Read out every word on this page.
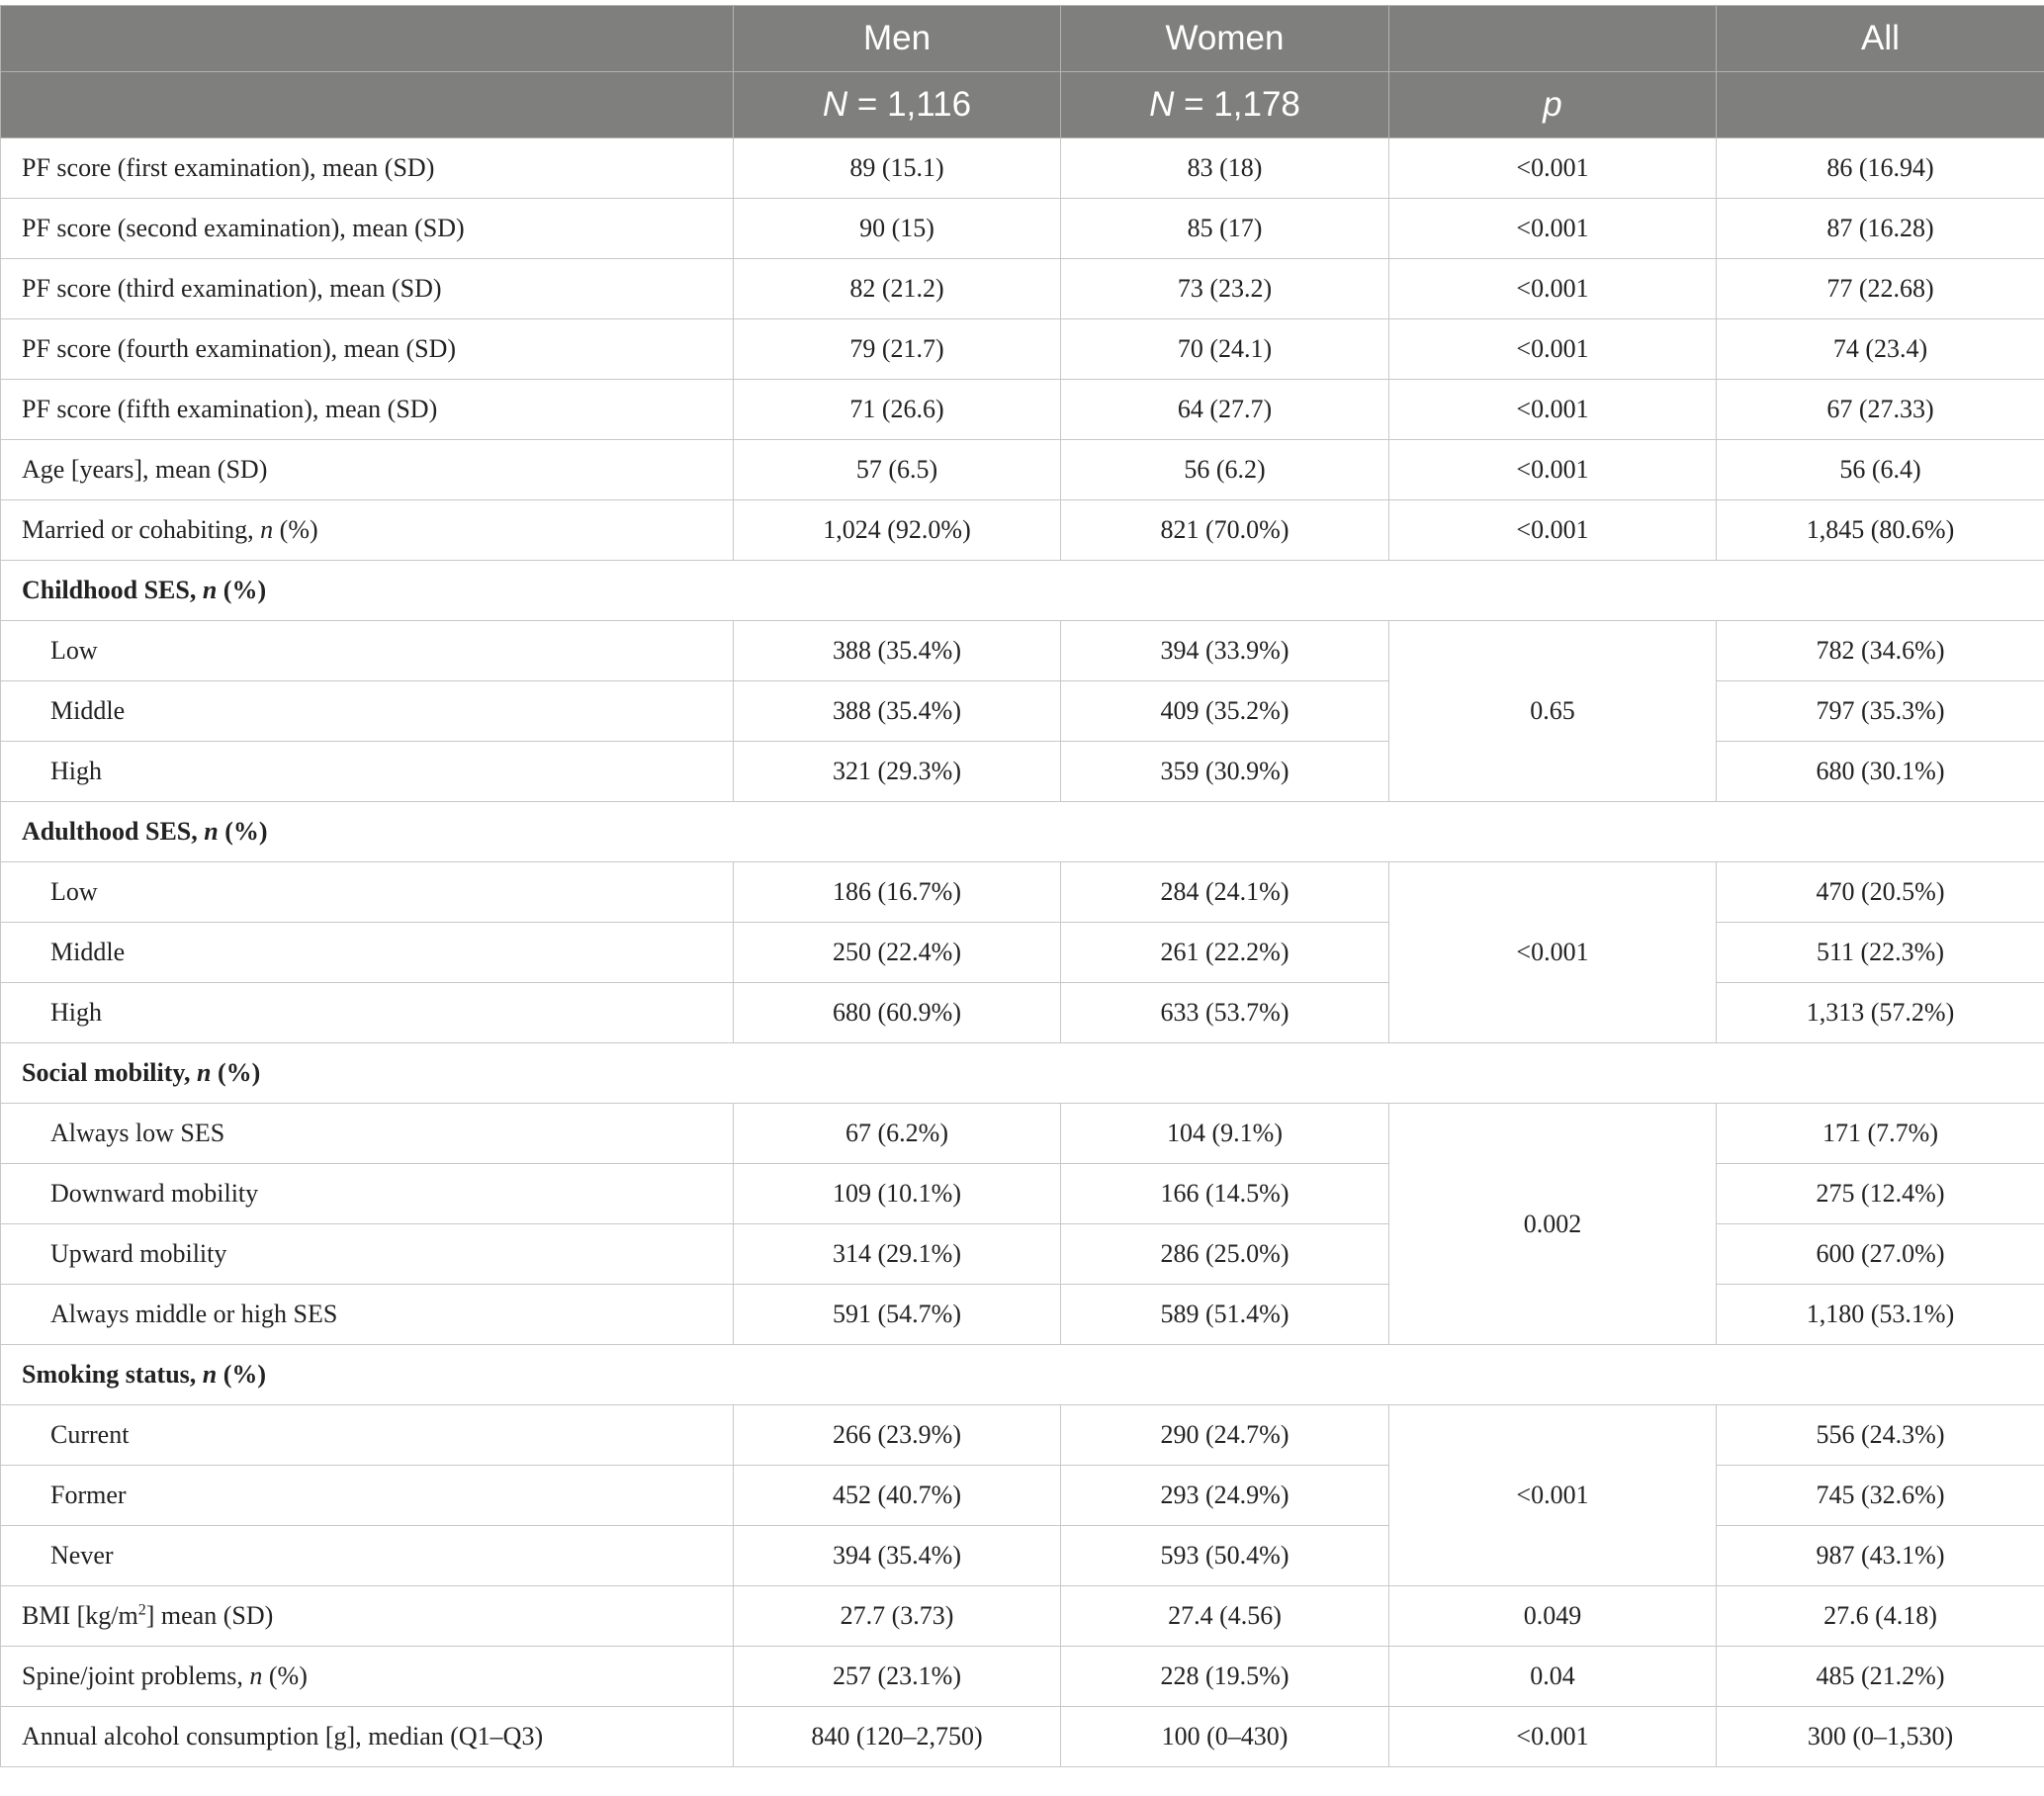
	Men	Women		All
	N = 1,116	N = 1,178	p	
PF score (first examination), mean (SD)	89 (15.1)	83 (18)	<0.001	86 (16.94)
PF score (second examination), mean (SD)	90 (15)	85 (17)	<0.001	87 (16.28)
PF score (third examination), mean (SD)	82 (21.2)	73 (23.2)	<0.001	77 (22.68)
PF score (fourth examination), mean (SD)	79 (21.7)	70 (24.1)	<0.001	74 (23.4)
PF score (fifth examination), mean (SD)	71 (26.6)	64 (27.7)	<0.001	67 (27.33)
Age [years], mean (SD)	57 (6.5)	56 (6.2)	<0.001	56 (6.4)
Married or cohabiting, n (%)	1,024 (92.0%)	821 (70.0%)	<0.001	1,845 (80.6%)
Childhood SES, n (%)				
Low	388 (35.4%)	394 (33.9%)	0.65	782 (34.6%)
Middle	388 (35.4%)	409 (35.2%)		797 (35.3%)
High	321 (29.3%)	359 (30.9%)		680 (30.1%)
Adulthood SES, n (%)				
Low	186 (16.7%)	284 (24.1%)	<0.001	470 (20.5%)
Middle	250 (22.4%)	261 (22.2%)		511 (22.3%)
High	680 (60.9%)	633 (53.7%)		1,313 (57.2%)
Social mobility, n (%)				
Always low SES	67 (6.2%)	104 (9.1%)	0.002	171 (7.7%)
Downward mobility	109 (10.1%)	166 (14.5%)		275 (12.4%)
Upward mobility	314 (29.1%)	286 (25.0%)		600 (27.0%)
Always middle or high SES	591 (54.7%)	589 (51.4%)		1,180 (53.1%)
Smoking status, n (%)				
Current	266 (23.9%)	290 (24.7%)	<0.001	556 (24.3%)
Former	452 (40.7%)	293 (24.9%)		745 (32.6%)
Never	394 (35.4%)	593 (50.4%)		987 (43.1%)
BMI $[kg/m^2]$ mean (SD)	27.7 (3.73)	27.4 (4.56)	0.049	27.6 (4.18)
Spine/joint problems, n (%)	257 (23.1%)	228 (19.5%)	0.04	485 (21.2%)
Annual alcohol consumption [g], median (Q1–Q3)	840 (120–2,750)	100 (0–430)	<0.001	300 (0–1,530)
